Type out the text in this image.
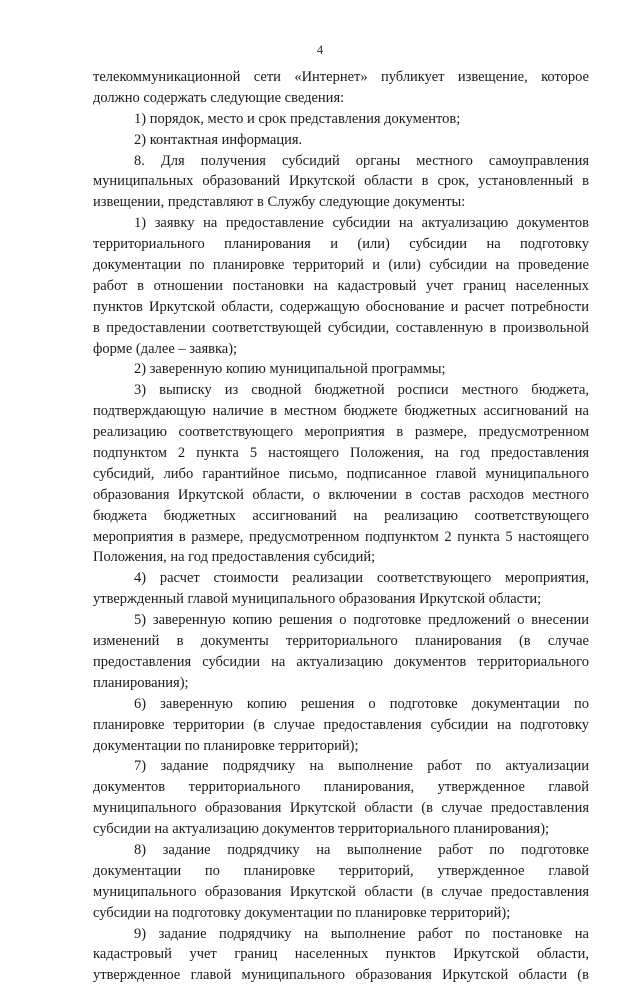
4
телекоммуникационной сети «Интернет» публикует извещение, которое
должно содержать следующие сведения:
1) порядок, место и срок представления документов;
2) контактная информация.
8. Для получения субсидий органы местного самоуправления
муниципальных образований Иркутской области в срок, установленный в
извещении, представляют в Службу следующие документы:
1) заявку на предоставление субсидии на актуализацию документов
территориального планирования и (или) субсидии на подготовку
документации по планировке территорий и (или) субсидии на проведение
работ в отношении постановки на кадастровый учет границ населенных
пунктов Иркутской области, содержащую обоснование и расчет потребности
в предоставлении соответствующей субсидии, составленную в произвольной
форме (далее – заявка);
2) заверенную копию муниципальной программы;
3) выписку из сводной бюджетной росписи местного бюджета,
подтверждающую наличие в местном бюджете бюджетных ассигнований на
реализацию соответствующего мероприятия в размере, предусмотренном
подпунктом 2 пункта 5 настоящего Положения, на год предоставления
субсидий, либо гарантийное письмо, подписанное главой муниципального
образования Иркутской области, о включении в состав расходов местного
бюджета бюджетных ассигнований на реализацию соответствующего
мероприятия в размере, предусмотренном подпунктом 2 пункта 5 настоящего
Положения, на год предоставления субсидий;
4) расчет стоимости реализации соответствующего мероприятия,
утвержденный главой муниципального образования Иркутской области;
5) заверенную копию решения о подготовке предложений о внесении
изменений в документы территориального планирования (в случае
предоставления субсидии на актуализацию документов территориального
планирования);
6) заверенную копию решения о подготовке документации по
планировке территории (в случае предоставления субсидии на подготовку
документации по планировке территорий);
7) задание подрядчику на выполнение работ по актуализации
документов территориального планирования, утвержденное главой
муниципального образования Иркутской области (в случае предоставления
субсидии на актуализацию документов территориального планирования);
8) задание подрядчику на выполнение работ по подготовке
документации по планировке территорий, утвержденное главой
муниципального образования Иркутской области (в случае предоставления
субсидии на подготовку документации по планировке территорий);
9) задание подрядчику на выполнение работ по постановке на
кадастровый учет границ населенных пунктов Иркутской области,
утвержденное главой муниципального образования Иркутской области (в
